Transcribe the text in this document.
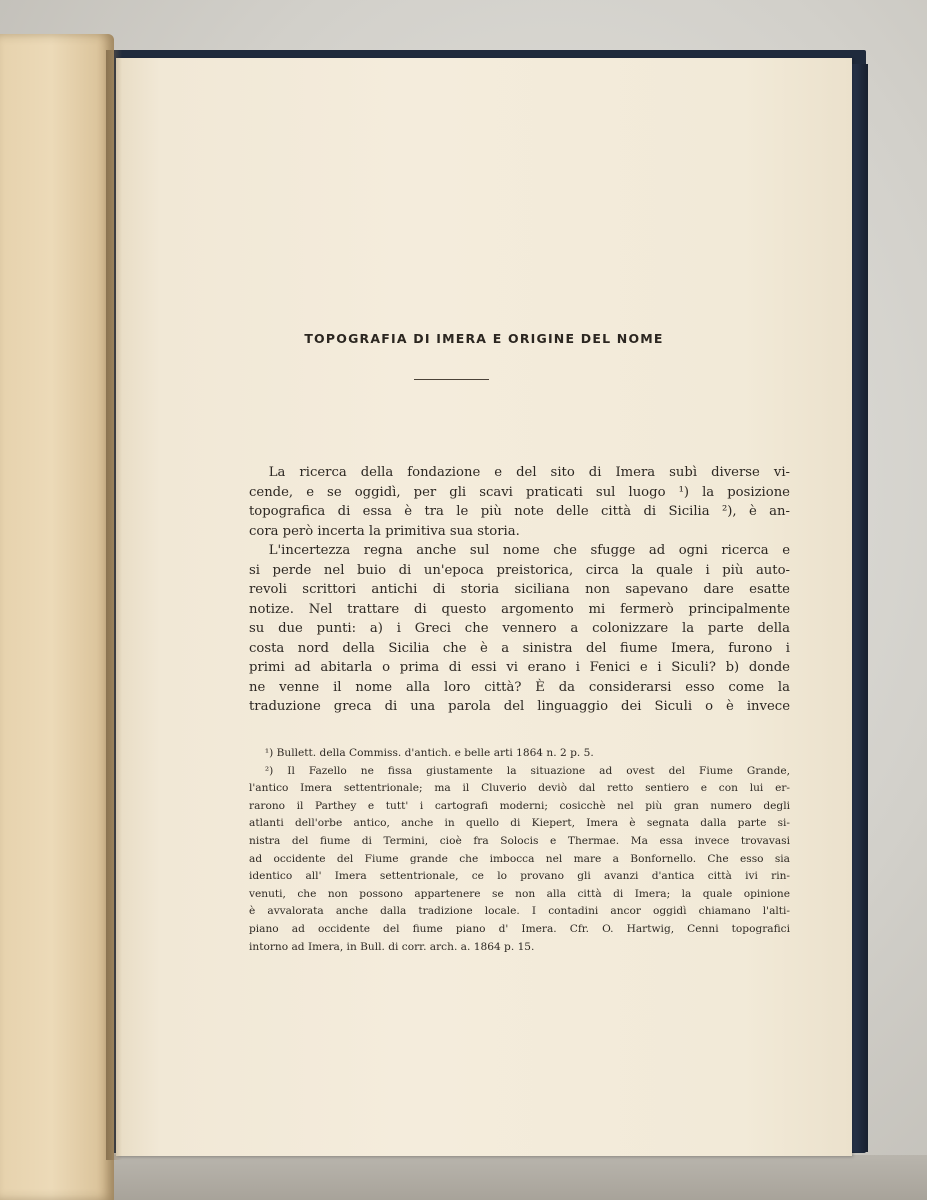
TOPOGRAFIA DI IMERA E ORIGINE DEL NOME
La ricerca della fondazione e del sito di Imera subì diverse vi-
cende, e se oggidì, per gli scavi praticati sul luogo ¹) la posizione
topografica di essa è tra le più note delle città di Sicilia ²), è an-
cora però incerta la primitiva sua storia.
L'incertezza regna anche sul nome che sfugge ad ogni ricerca e
si perde nel buio di un'epoca preistorica, circa la quale i più auto-
revoli scrittori antichi di storia siciliana non sapevano dare esatte
notize. Nel trattare di questo argomento mi fermerò principalmente
su due punti: a) i Greci che vennero a colonizzare la parte della
costa nord della Sicilia che è a sinistra del fiume Imera, furono i
primi ad abitarla o prima di essi vi erano i Fenici e i Siculi? b) donde
ne venne il nome alla loro città? È da considerarsi esso come la
traduzione greca di una parola del linguaggio dei Siculi o è invece
¹) Bullett. della Commiss. d'antich. e belle arti 1864 n. 2 p. 5.
²) Il Fazello ne fissa giustamente la situazione ad ovest del Fiume Grande,
l'antico Imera settentrionale; ma il Cluverio deviò dal retto sentiero e con lui er-
rarono il Parthey e tutt' i cartografi moderni; cosicchè nel più gran numero degli
atlanti dell'orbe antico, anche in quello di Kiepert, Imera è segnata dalla parte si-
nistra del fiume di Termini, cioè fra Solocis e Thermae. Ma essa invece trovavasi
ad occidente del Fiume grande che imbocca nel mare a Bonfornello. Che esso sia
identico all' Imera settentrionale, ce lo provano gli avanzi d'antica città ivi rin-
venuti, che non possono appartenere se non alla città di Imera; la quale opinione
è avvalorata anche dalla tradizione locale. I contadini ancor oggidì chiamano l'alti-
piano ad occidente del fiume piano d' Imera. Cfr. O. Hartwig, Cenni topografici
intorno ad Imera, in Bull. di corr. arch. a. 1864 p. 15.
